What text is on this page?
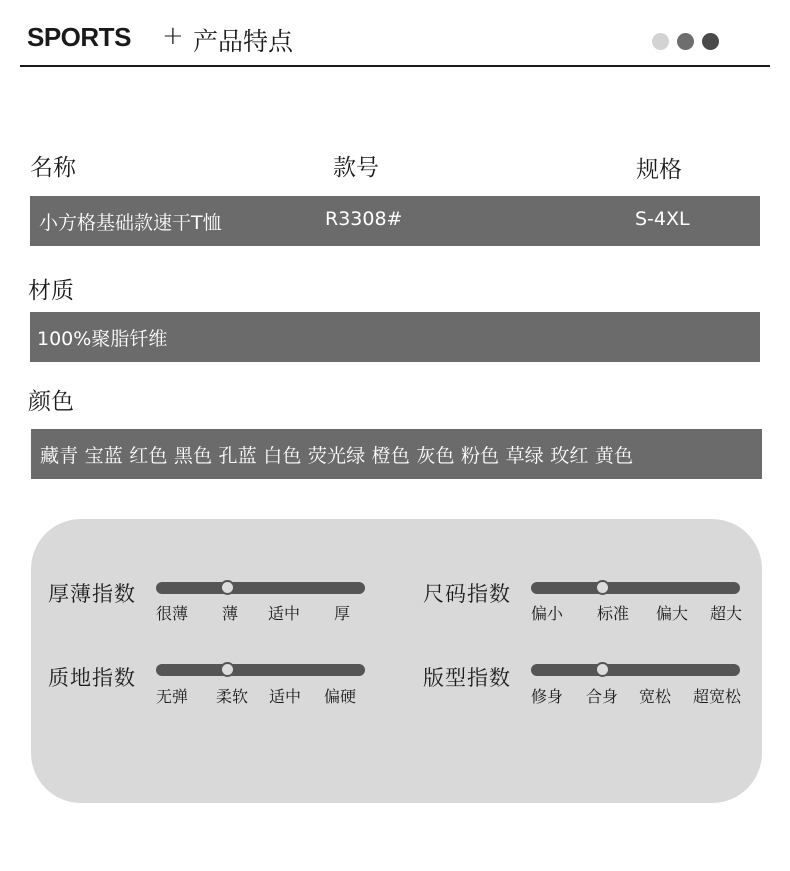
SPORTS + 产品特点
名称	款号	规格
小方格基础款速干T恤	R3308#	S-4XL
材质
100%聚脂钎维
颜色
藏青 宝蓝 红色 黑色 孔蓝 白色 荧光绿 橙色 灰色 粉色 草绿 玫红 黄色
厚薄指数
很薄 薄 适中 厚
尺码指数
偏小 标准 偏大 超大
质地指数
无弹 柔软 适中 偏硬
版型指数
修身 合身 宽松 超宽松
